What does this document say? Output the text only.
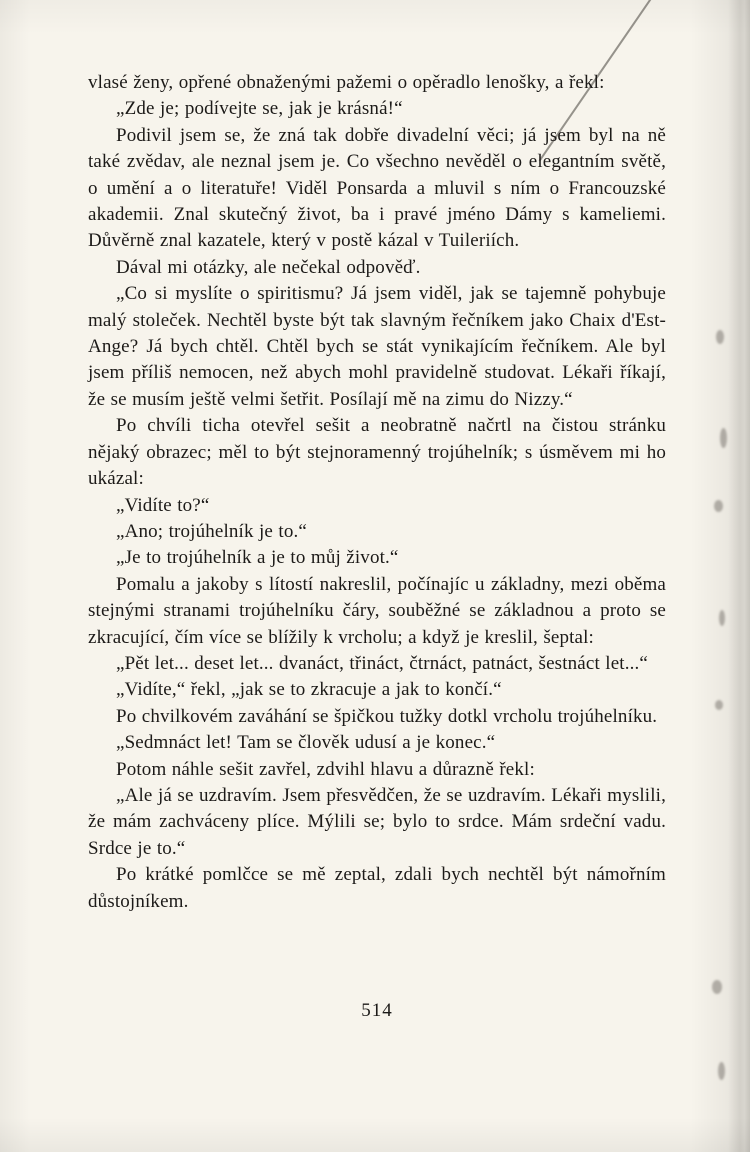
vlasé ženy, opřené obnaženými pažemi o opěradlo lenošky, a řekl:

„Zde je; podívejte se, jak je krásná!“

Podivil jsem se, že zná tak dobře divadelní věci; já jsem byl na ně také zvědav, ale neznal jsem je. Co všechno nevěděl o elegantním světě, o umění a o literatuře! Viděl Ponsarda a mluvil s ním o Francouzské akademii. Znal skutečný život, ba i pravé jméno Dámy s kameliemi. Důvěrně znal kazatele, který v postě kázal v Tuileriích.

Dával mi otázky, ale nečekal odpověď.

„Co si myslíte o spiritismu? Já jsem viděl, jak se tajemně pohybuje malý stoleček. Nechtěl byste být tak slavným řečníkem jako Chaix d'Est-Ange? Já bych chtěl. Chtěl bych se stát vynikajícím řečníkem. Ale byl jsem příliš nemocen, než abych mohl pravidelně studovat. Lékaři říkají, že se musím ještě velmi šetřit. Posílají mě na zimu do Nizzy.“

Po chvíli ticha otevřel sešit a neobratně načrtl na čistou stránku nějaký obrazec; měl to být stejnoramenný trojúhelník; s úsměvem mi ho ukázal:

„Vidíte to?“

„Ano; trojúhelník je to.“

„Je to trojúhelník a je to můj život.“

Pomalu a jakoby s lítostí nakreslil, počínajíc u základny, mezi oběma stejnými stranami trojúhelníku čáry, souběžné se základnou a proto se zkracující, čím více se blížily k vrcholu; a když je kreslil, šeptal:

„Pět let... deset let... dvanáct, třináct, čtrnáct, patnáct, šestnáct let...“

„Vidíte,“ řekl, „jak se to zkracuje a jak to končí.“

Po chvilkovém zaváhání se špičkou tužky dotkl vrcholu trojúhelníku.

„Sedmnáct let! Tam se člověk udusí a je konec.“

Potom náhle sešit zavřel, zdvihl hlavu a důrazně řekl:

„Ale já se uzdravím. Jsem přesvědčen, že se uzdravím. Lékaři myslili, že mám zachváceny plíce. Mýlili se; bylo to srdce. Mám srdeční vadu. Srdce je to.“

Po krátké pomlčce se mě zeptal, zdali bych nechtěl být námořním důstojníkem.

514
